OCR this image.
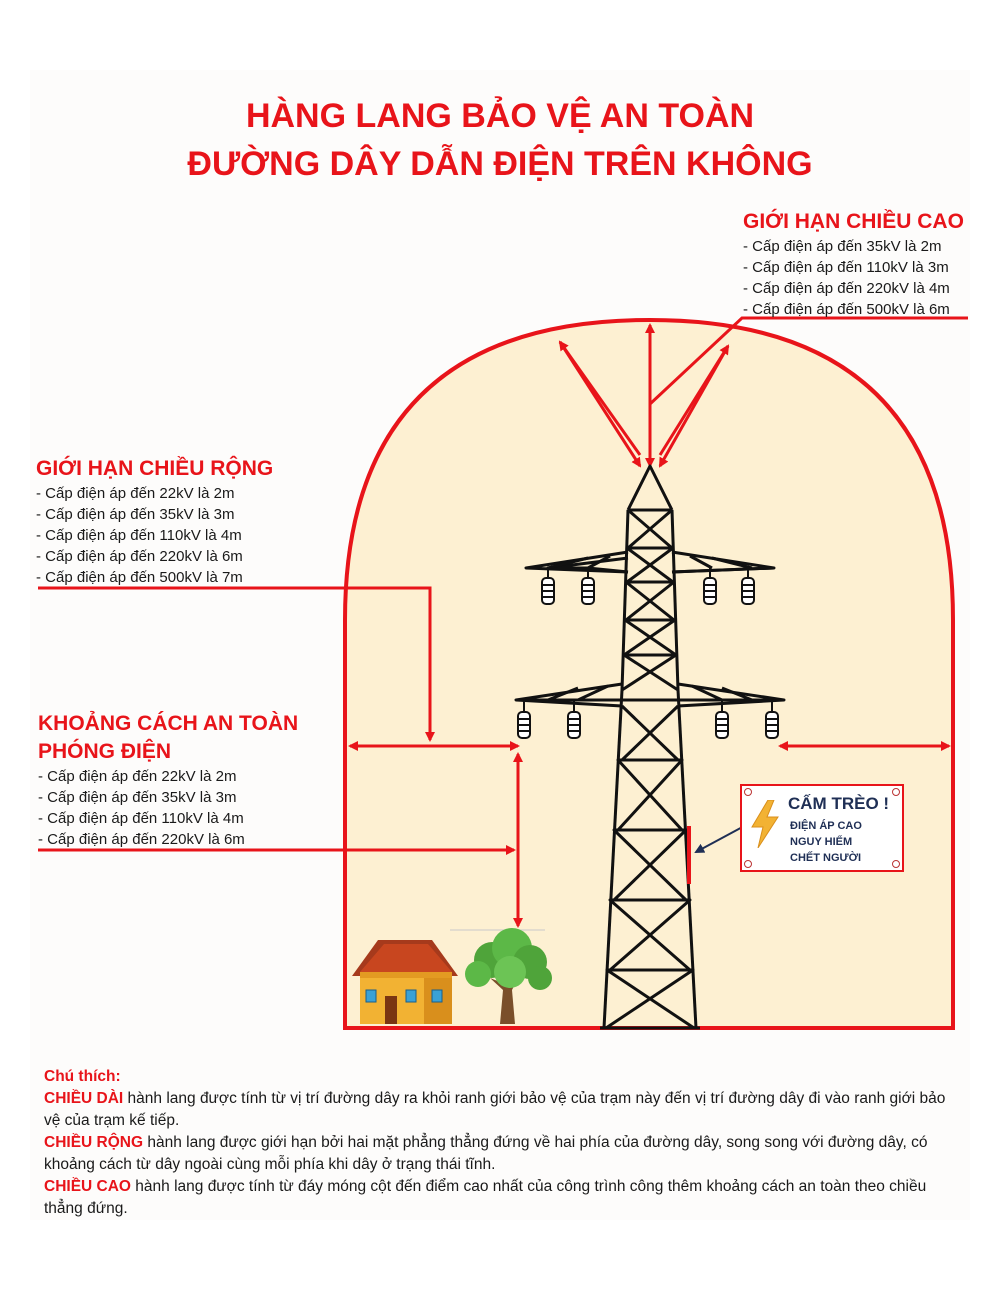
HÀNG LANG BẢO VỆ AN TOÀN
ĐƯỜNG DÂY DẪN ĐIỆN TRÊN KHÔNG
GIỚI HẠN CHIỀU CAO
- Cấp điện áp đến 35kV là 2m
- Cấp điện áp đến 110kV là 3m
- Cấp điện áp đến 220kV là 4m
- Cấp điện áp đến 500kV là 6m
GIỚI HẠN CHIỀU RỘNG
- Cấp điện áp đến 22kV là 2m
- Cấp điện áp đến 35kV là 3m
- Cấp điện áp đến 110kV là 4m
- Cấp điện áp đến 220kV là 6m
- Cấp điện áp đến 500kV là 7m
KHOẢNG CÁCH AN TOÀN
PHÓNG ĐIỆN
- Cấp điện áp đến 22kV là 2m
- Cấp điện áp đến 35kV là 3m
- Cấp điện áp đến 110kV là 4m
- Cấp điện áp đến 220kV là 6m
CẤM TRÈO !
ĐIỆN ÁP CAO
NGUY HIỂM
CHẾT NGƯỜI

Chú thích:

CHIỀU DÀI hành lang được tính từ vị trí đường dây ra khỏi ranh giới bảo vệ của trạm này đến vị trí đường dây đi vào ranh giới bảo vệ của trạm kế tiếp.

CHIỀU RỘNG hành lang được giới hạn bởi hai mặt phẳng thẳng đứng về hai phía của đường dây, song song với đường dây, có khoảng cách từ dây ngoài cùng mỗi phía khi dây ở trạng thái tĩnh.

CHIỀU CAO hành lang được tính từ đáy móng cột đến điểm cao nhất của công trình công thêm khoảng cách an toàn theo chiều thẳng đứng.
